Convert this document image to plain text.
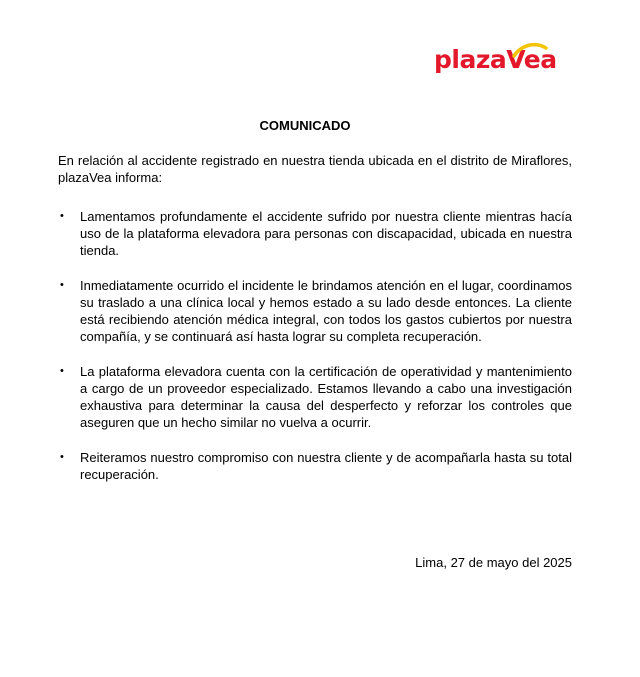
plazaVea
COMUNICADO

En relación al accidente registrado en nuestra tienda ubicada en el distrito de Miraflores, plazaVea informa:

• Lamentamos profundamente el accidente sufrido por nuestra cliente mientras hacía uso de la plataforma elevadora para personas con discapacidad, ubicada en nuestra tienda.
• Inmediatamente ocurrido el incidente le brindamos atención en el lugar, coordinamos su traslado a una clínica local y hemos estado a su lado desde entonces. La cliente está recibiendo atención médica integral, con todos los gastos cubiertos por nuestra compañía, y se continuará así hasta lograr su completa recuperación.
• La plataforma elevadora cuenta con la certificación de operatividad y mantenimiento a cargo de un proveedor especializado. Estamos llevando a cabo una investigación exhaustiva para determinar la causa del desperfecto y reforzar los controles que aseguren que un hecho similar no vuelva a ocurrir.
• Reiteramos nuestro compromiso con nuestra cliente y de acompañarla hasta su total recuperación.
Lima, 27 de mayo del 2025
